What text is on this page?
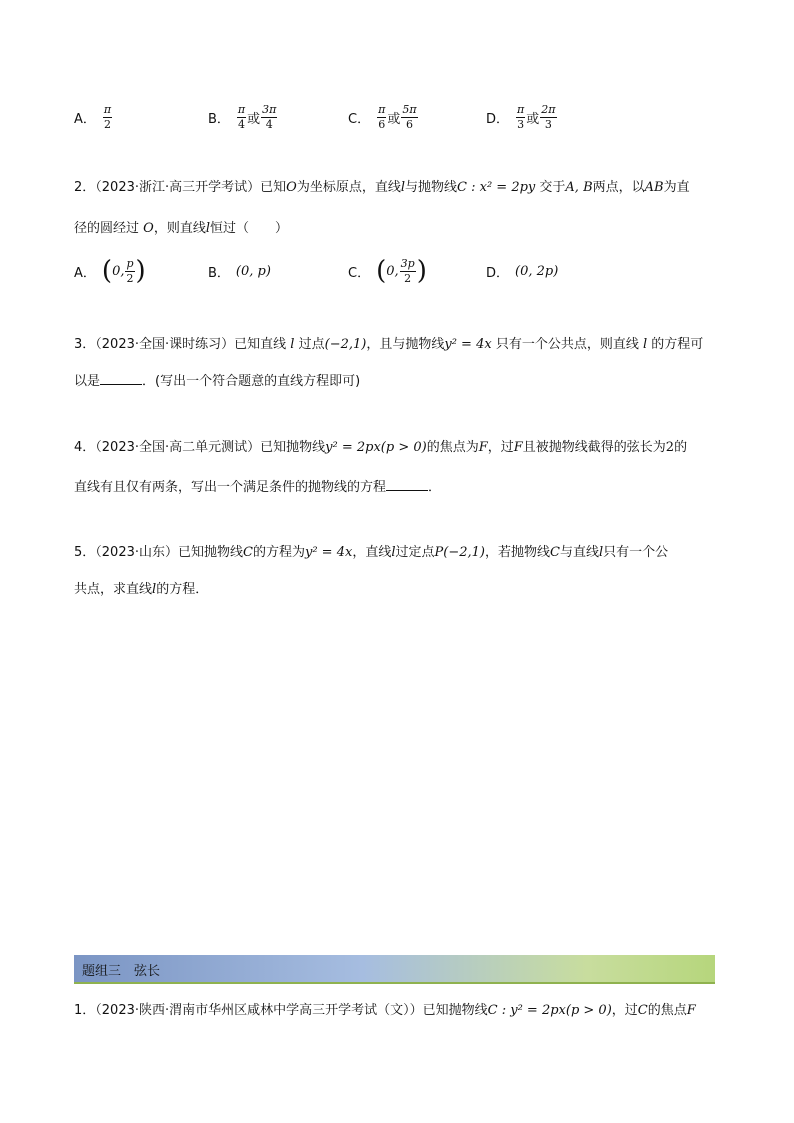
A． $\frac{\pi}{2}$	B． $\frac{\pi}{4}$ 或 $\frac{3\pi}{4}$	C． $\frac{\pi}{6}$ 或 $\frac{5\pi}{6}$	D． $\frac{\pi}{3}$ 或 $\frac{2\pi}{3}$
2．（2023·浙江·高三开学考试）已知O为坐标原点，直线l与抛物线C : x² = 2py 交于A, B两点，以AB为直
径的圆经过 O，则直线l恒过（　　）
A． ( 0, $\frac{p}{2}$ )	B． (0, p)	C． ( 0, $\frac{3p}{2}$ )	D． (0, 2p)
3．（2023·全国·课时练习）已知直线 l 过点(−2,1)，且与抛物线y² = 4x 只有一个公共点，则直线 l 的方程可
以是	．(写出一个符合题意的直线方程即可)
4．（2023·全国·高二单元测试）已知抛物线y² = 2px(p > 0)的焦点为F，过F且被抛物线截得的弦长为2的
直线有且仅有两条，写出一个满足条件的抛物线的方程	．
5．（2023·山东）已知抛物线C的方程为y² = 4x，直线l过定点P(−2,1)，若抛物线C与直线l只有一个公
共点，求直线l的方程．
题组三　弦长
1．（2023·陕西·渭南市华州区咸林中学高三开学考试（文））已知抛物线C : y² = 2px(p > 0)，过C的焦点F
